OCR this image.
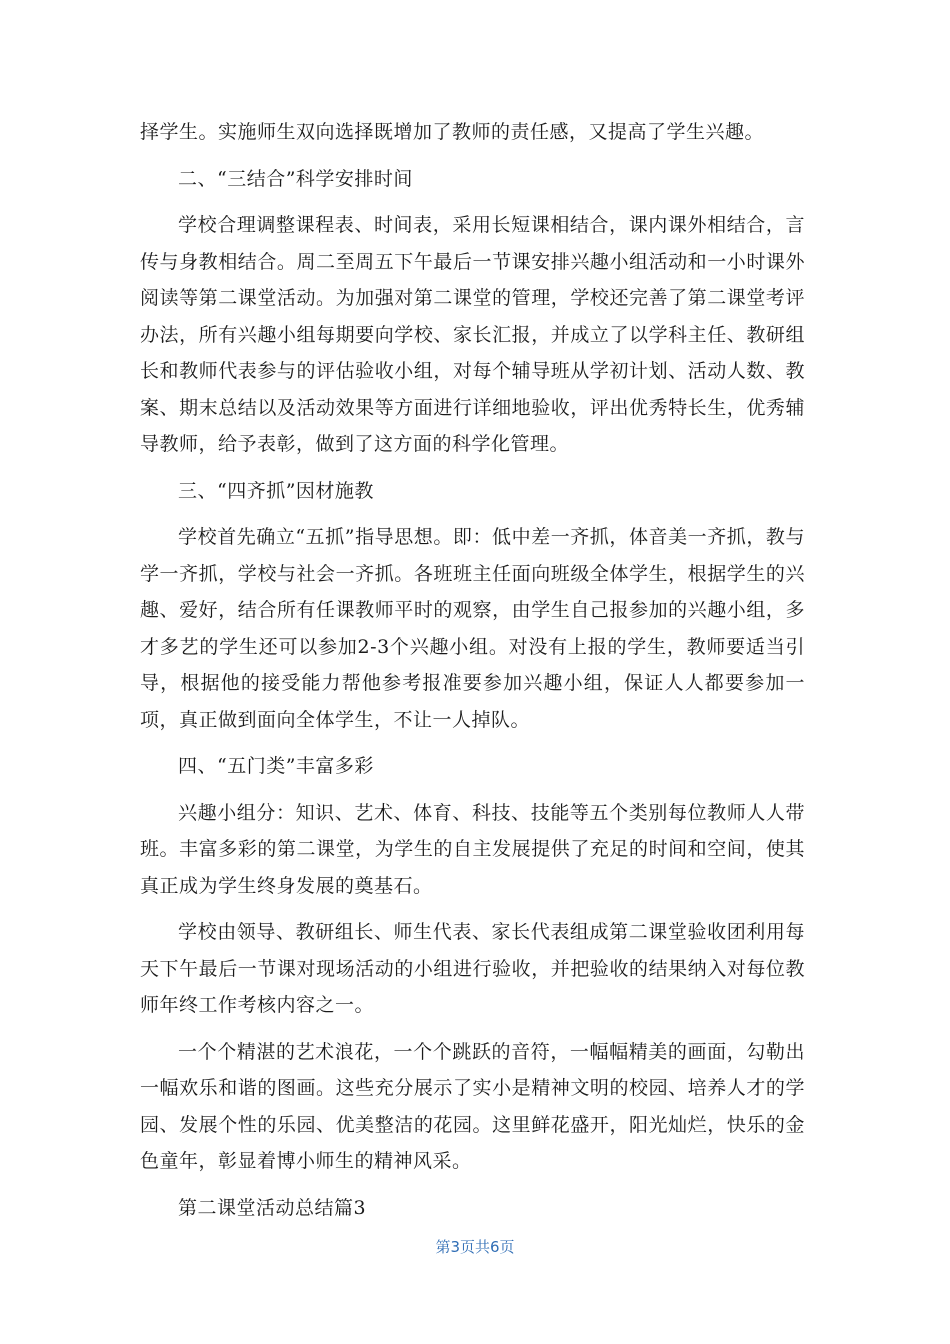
择学生。实施师生双向选择既增加了教师的责任感，又提高了学生兴趣。

二、“三结合”科学安排时间

学校合理调整课程表、时间表，采用长短课相结合，课内课外相结合，言传与身教相结合。周二至周五下午最后一节课安排兴趣小组活动和一小时课外阅读等第二课堂活动。为加强对第二课堂的管理，学校还完善了第二课堂考评办法，所有兴趣小组每期要向学校、家长汇报，并成立了以学科主任、教研组长和教师代表参与的评估验收小组，对每个辅导班从学初计划、活动人数、教案、期末总结以及活动效果等方面进行详细地验收，评出优秀特长生，优秀辅导教师，给予表彰，做到了这方面的科学化管理。

三、“四齐抓”因材施教

学校首先确立“五抓”指导思想。即：低中差一齐抓，体音美一齐抓，教与学一齐抓，学校与社会一齐抓。各班班主任面向班级全体学生，根据学生的兴趣、爱好，结合所有任课教师平时的观察，由学生自己报参加的兴趣小组，多才多艺的学生还可以参加2-3个兴趣小组。对没有上报的学生，教师要适当引导，根据他的接受能力帮他参考报准要参加兴趣小组，保证人人都要参加一项，真正做到面向全体学生，不让一人掉队。

四、“五门类”丰富多彩

兴趣小组分：知识、艺术、体育、科技、技能等五个类别每位教师人人带班。丰富多彩的第二课堂，为学生的自主发展提供了充足的时间和空间，使其真正成为学生终身发展的奠基石。

学校由领导、教研组长、师生代表、家长代表组成第二课堂验收团利用每天下午最后一节课对现场活动的小组进行验收，并把验收的结果纳入对每位教师年终工作考核内容之一。

一个个精湛的艺术浪花，一个个跳跃的音符，一幅幅精美的画面，勾勒出一幅欢乐和谐的图画。这些充分展示了实小是精神文明的校园、培养人才的学园、发展个性的乐园、优美整洁的花园。这里鲜花盛开，阳光灿烂，快乐的金色童年，彰显着博小师生的精神风采。

第二课堂活动总结篇3

第3页共6页
